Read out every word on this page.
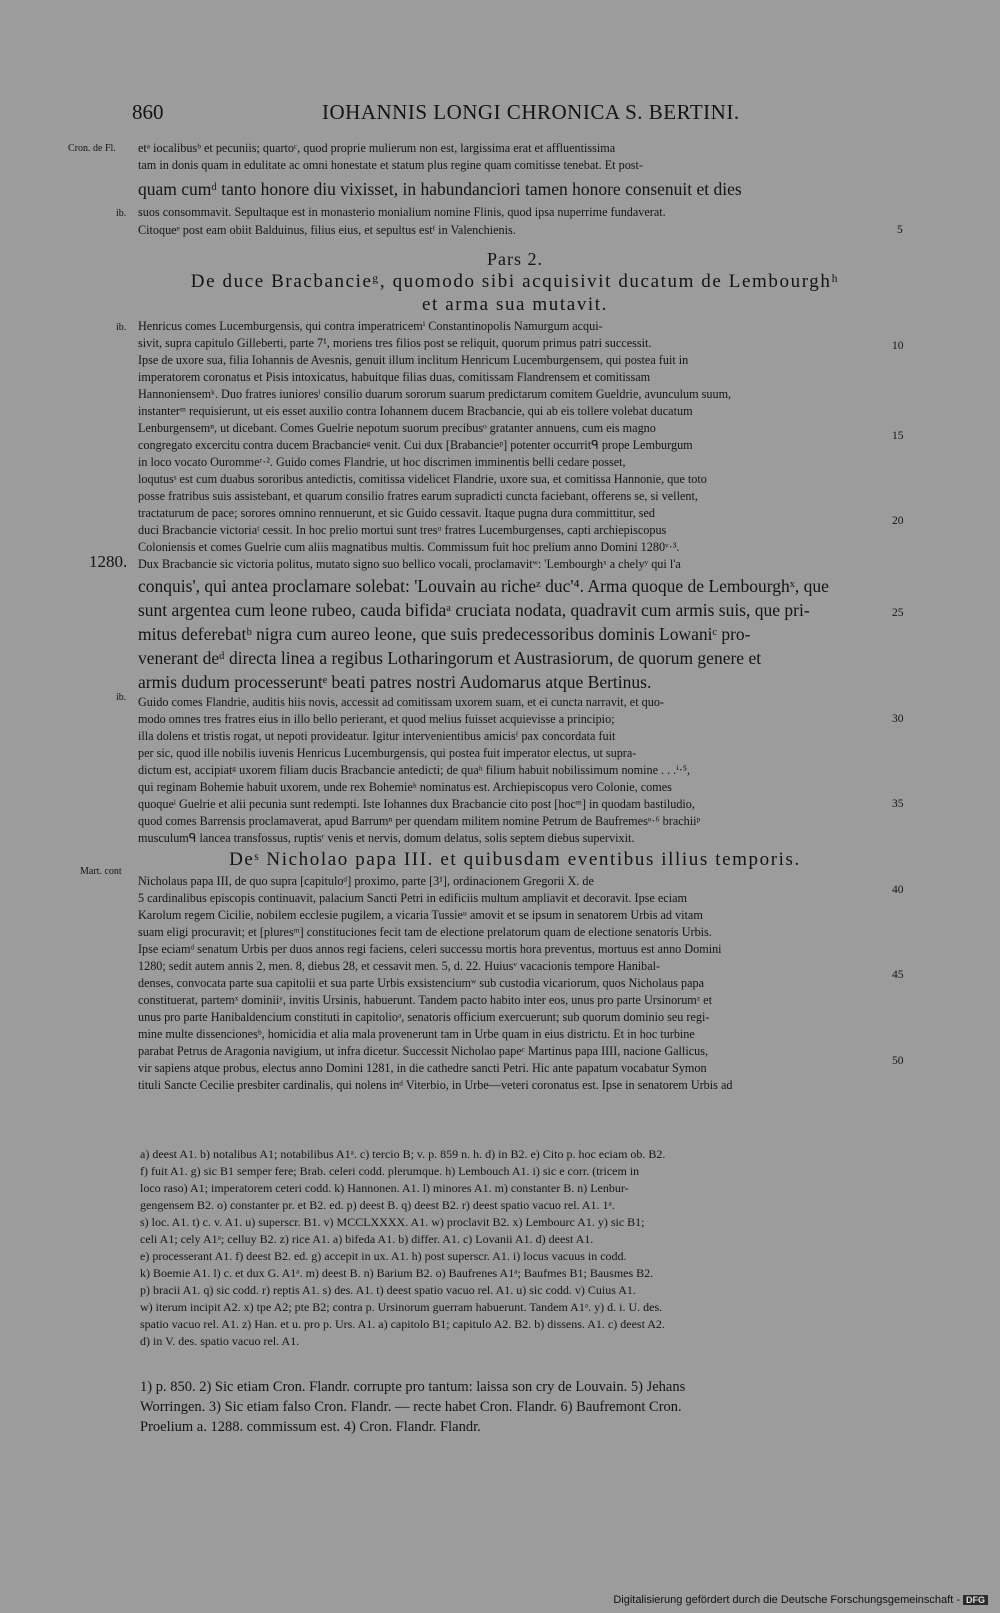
860	IOHANNIS LONGI CHRONICA S. BERTINI.
Cron. de Fl.
ib.
ib.
1280.
ib.
Mart. cont
5
10
15
20
25
30
35
40
45
50
etᵃ iocalibusᵇ et pecuniis; quartoᶜ, quod proprie mulierum non est, largissima erat et affluentissima
tam in donis quam in edulitate ac omni honestate et statum plus regine quam comitisse tenebat. Et post-
quam cumᵈ tanto honore diu vixisset, in habundanciori tamen honore consenuit et dies
suos consommavit. Sepultaque est in monasterio monialium nomine Flinis, quod ipsa nuperrime fundaverat.
Citoqueᵉ post eam obiit Balduinus, filius eius, et sepultus estᶠ in Valenchienis.
Pars 2.
De duce Bracbancieᵍ, quomodo sibi acquisivit ducatum de Lembourghʰ
et arma sua mutavit.
Henricus comes Lucemburgensis, qui contra imperatricemⁱ Constantinopolis Namurgum acqui-
sivit, supra capitulo Gilleberti, parte 7¹, moriens tres filios post se reliquit, quorum primus patri successit.
Ipse de uxore sua, filia Iohannis de Avesnis, genuit illum inclitum Henricum Lucemburgensem, qui postea fuit in
imperatorem coronatus et Pisis intoxicatus, habuitque filias duas, comitissam Flandrensem et comitissam
Hannoniensemᵏ. Duo fratres iunioresˡ consilio duarum sororum suarum predictarum comitem Gueldrie, avunculum suum,
instanterᵐ requisierunt, ut eis esset auxilio contra Iohannem ducem Bracbancie, qui ab eis tollere volebat ducatum
Lenburgensemⁿ, ut dicebant. Comes Guelrie nepotum suorum precibusᵒ gratanter annuens, cum eis magno
congregato excercitu contra ducem Bracbancieᵍ venit. Cui dux [Brabancieᵖ] potenter occurritᑫ prope Lemburgum
in loco vocato Ourommeʳ·². Guido comes Flandrie, ut hoc discrimen imminentis belli cedare posset,
loqutusˢ est cum duabus sororibus antedictis, comitissa videlicet Flandrie, uxore sua, et comitissa Hannonie, que toto
posse fratribus suis assistebant, et quarum consilio fratres earum supradicti cuncta faciebant, offerens se, si vellent,
tractaturum de pace; sorores omnino rennuerunt, et sic Guido cessavit. Itaque pugna dura committitur, sed
duci Bracbancie victoriaᵗ cessit. In hoc prelio mortui sunt tresᵘ fratres Lucemburgenses, capti archiepiscopus
Coloniensis et comes Guelrie cum aliis magnatibus multis. Commissum fuit hoc prelium anno Domini 1280ᵛ·³.
Dux Bracbancie sic victoria politus, mutato signo suo bellico vocali, proclamavitʷ: 'Lembourghˣ a chelyʸ qui l'a
conquis', qui antea proclamare solebat: 'Louvain au richeᶻ duc'⁴. Arma quoque de Lembourghˣ, que
sunt argentea cum leone rubeo, cauda bifidaᵃ cruciata nodata, quadravit cum armis suis, que pri-
mitus deferebatᵇ nigra cum aureo leone, que suis predecessoribus dominis Lowaniᶜ pro-
venerant deᵈ directa linea a regibus Lotharingorum et Austrasiorum, de quorum genere et
armis dudum processeruntᵉ beati patres nostri Audomarus atque Bertinus.
Guido comes Flandrie, auditis hiis novis, accessit ad comitissam uxorem suam, et ei cuncta narravit, et quo-
modo omnes tres fratres eius in illo bello perierant, et quod melius fuisset acquievisse a principio;
illa dolens et tristis rogat, ut nepoti provideatur. Igitur intervenientibus amicisᶠ pax concordata fuit
per sic, quod ille nobilis iuvenis Henricus Lucemburgensis, qui postea fuit imperator electus, ut supra-
dictum est, accipiatᵍ uxorem filiam ducis Bracbancie antedicti; de quaʰ filium habuit nobilissimum nomine . . .ⁱ·⁵,
qui reginam Bohemie habuit uxorem, unde rex Bohemieᵏ nominatus est. Archiepiscopus vero Colonie, comes
quoqueˡ Guelrie et alii pecunia sunt redempti. Iste Iohannes dux Bracbancie cito post [hocᵐ] in quodam bastiludio,
quod comes Barrensis proclamaverat, apud Barrumⁿ per quendam militem nomine Petrum de Baufremesᵒ·⁶ brachiiᵖ
musculumᑫ lancea transfossus, ruptisʳ venis et nervis, domum delatus, solis septem diebus supervixit.
Deˢ Nicholao papa III. et quibusdam eventibus illius temporis.
Nicholaus papa III, de quo supra [capituloᵈ] proximo, parte [3¹], ordinacionem Gregorii X. de
5 cardinalibus episcopis continuavit, palacium Sancti Petri in edificiis multum ampliavit et decoravit. Ipse eciam
Karolum regem Cicilie, nobilem ecclesie pugilem, a vicaria Tussieᵘ amovit et se ipsum in senatorem Urbis ad vitam
suam eligi procuravit; et [pluresᵐ] constituciones fecit tam de electione prelatorum quam de electione senatoris Urbis.
Ipse eciamᵈ senatum Urbis per duos annos regi faciens, celeri successu mortis hora preventus, mortuus est anno Domini
1280; sedit autem annis 2, men. 8, diebus 28, et cessavit men. 5, d. 22. Huiusᵛ vacacionis tempore Hanibal-
denses, convocata parte sua capitolii et sua parte Urbis exsistenciumʷ sub custodia vicariorum, quos Nicholaus papa
constituerat, partemˣ dominiiʸ, invitis Ursinis, habuerunt. Tandem pacto habito inter eos, unus pro parte Ursinorumᶻ et
unus pro parte Hanibaldencium constituti in capitolioᵃ, senatoris officium exercuerunt; sub quorum dominio seu regi-
mine multe dissencionesᵇ, homicidia et alia mala provenerunt tam in Urbe quam in eius districtu. Et in hoc turbine
parabat Petrus de Aragonia navigium, ut infra dicetur. Successit Nicholao papeᶜ Martinus papa IIII, nacione Gallicus,
vir sapiens atque probus, electus anno Domini 1281, in die cathedre sancti Petri. Hic ante papatum vocabatur Symon
tituli Sancte Cecilie presbiter cardinalis, qui nolens inᵈ Viterbio, in Urbe—veteri coronatus est. Ipse in senatorem Urbis ad
a) deest A1. b) notalibus A1; notabilibus A1ᵃ. c) tercio B; v. p. 859 n. h. d) in B2. e) Cito p. hoc eciam ob. B2.
f) fuit A1. g) sic B1 semper fere; Brab. celeri codd. plerumque. h) Lembouch A1. i) sic e corr. (tricem in
loco raso) A1; imperatorem ceteri codd. k) Hannonen. A1. l) minores A1. m) constanter B. n) Lenbur-
gengensem B2. o) constanter pr. et B2. ed. p) deest B. q) deest B2. r) deest spatio vacuo rel. A1. 1ᵃ.
s) loc. A1. t) c. v. A1. u) superscr. B1. v) MCCLXXXX. A1. w) proclavit B2. x) Lembourc A1. y) sic B1;
celi A1; cely A1ᵃ; celluy B2. z) rice A1. a) bifeda A1. b) differ. A1. c) Lovanii A1. d) deest A1.
e) processerant A1. f) deest B2. ed. g) accepit in ux. A1. h) post superscr. A1. i) locus vacuus in codd.
k) Boemie A1. l) c. et dux G. A1ᵃ. m) deest B. n) Barium B2. o) Baufrenes A1ᵃ; Baufmes B1; Bausmes B2.
p) bracii A1. q) sic codd. r) reptis A1. s) des. A1. t) deest spatio vacuo rel. A1. u) sic codd. v) Cuius A1.
w) iterum incipit A2. x) tpe A2; pte B2; contra p. Ursinorum guerram habuerunt. Tandem A1ᵃ. y) d. i. U. des.
spatio vacuo rel. A1. z) Han. et u. pro p. Urs. A1. a) capitolo B1; capitulo A2. B2. b) dissens. A1. c) deest A2.
d) in V. des. spatio vacuo rel. A1.
1) p. 850. 2) Sic etiam Cron. Flandr. corrupte pro tantum: laissa son cry de Louvain. 5) Jehans
Worringen. 3) Sic etiam falso Cron. Flandr. — recte habet Cron. Flandr. 6) Baufremont Cron.
Proelium a. 1288. commissum est. 4) Cron. Flandr. Flandr.
Digitalisierung gefördert durch die Deutsche Forschungsgemeinschaft - DFG
